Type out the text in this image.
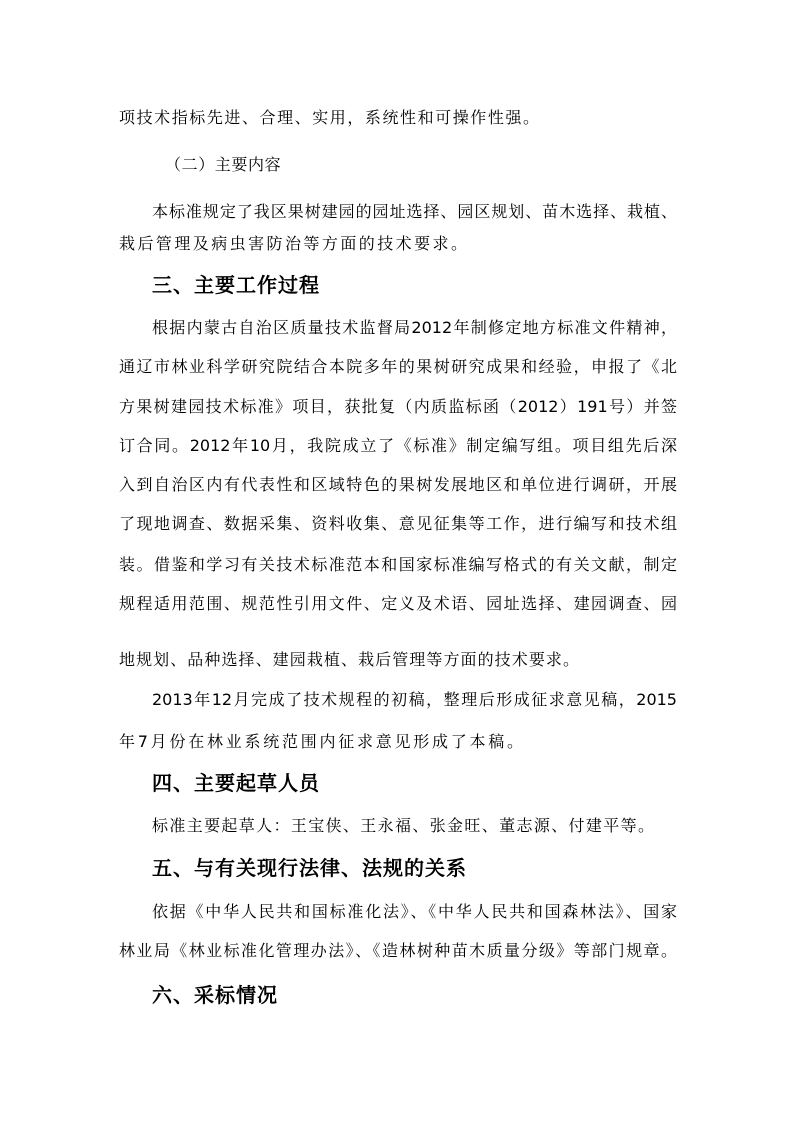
项技术指标先进、合理、实用，系统性和可操作性强。
（二）主要内容
本标准规定了我区果树建园的园址选择、园区规划、苗木选择、栽植、
栽后管理及病虫害防治等方面的技术要求。
三、主要工作过程
根据内蒙古自治区质量技术监督局2012年制修定地方标准文件精神，
通辽市林业科学研究院结合本院多年的果树研究成果和经验，申报了《北
方果树建园技术标准》项目，获批复（内质监标函（2012）191号）并签
订合同。2012年10月，我院成立了《标准》制定编写组。项目组先后深
入到自治区内有代表性和区域特色的果树发展地区和单位进行调研，开展
了现地调查、数据采集、资料收集、意见征集等工作，进行编写和技术组
装。借鉴和学习有关技术标准范本和国家标准编写格式的有关文献，制定
规程适用范围、规范性引用文件、定义及术语、园址选择、建园调查、园
地规划、品种选择、建园栽植、栽后管理等方面的技术要求。
2013年12月完成了技术规程的初稿，整理后形成征求意见稿，2015
年7月份在林业系统范围内征求意见形成了本稿。
四、主要起草人员
标准主要起草人：王宝侠、王永福、张金旺、董志源、付建平等。
五、与有关现行法律、法规的关系
依据《中华人民共和国标准化法》、《中华人民共和国森林法》、国家
林业局《林业标准化管理办法》、《造林树种苗木质量分级》等部门规章。
六、采标情况
